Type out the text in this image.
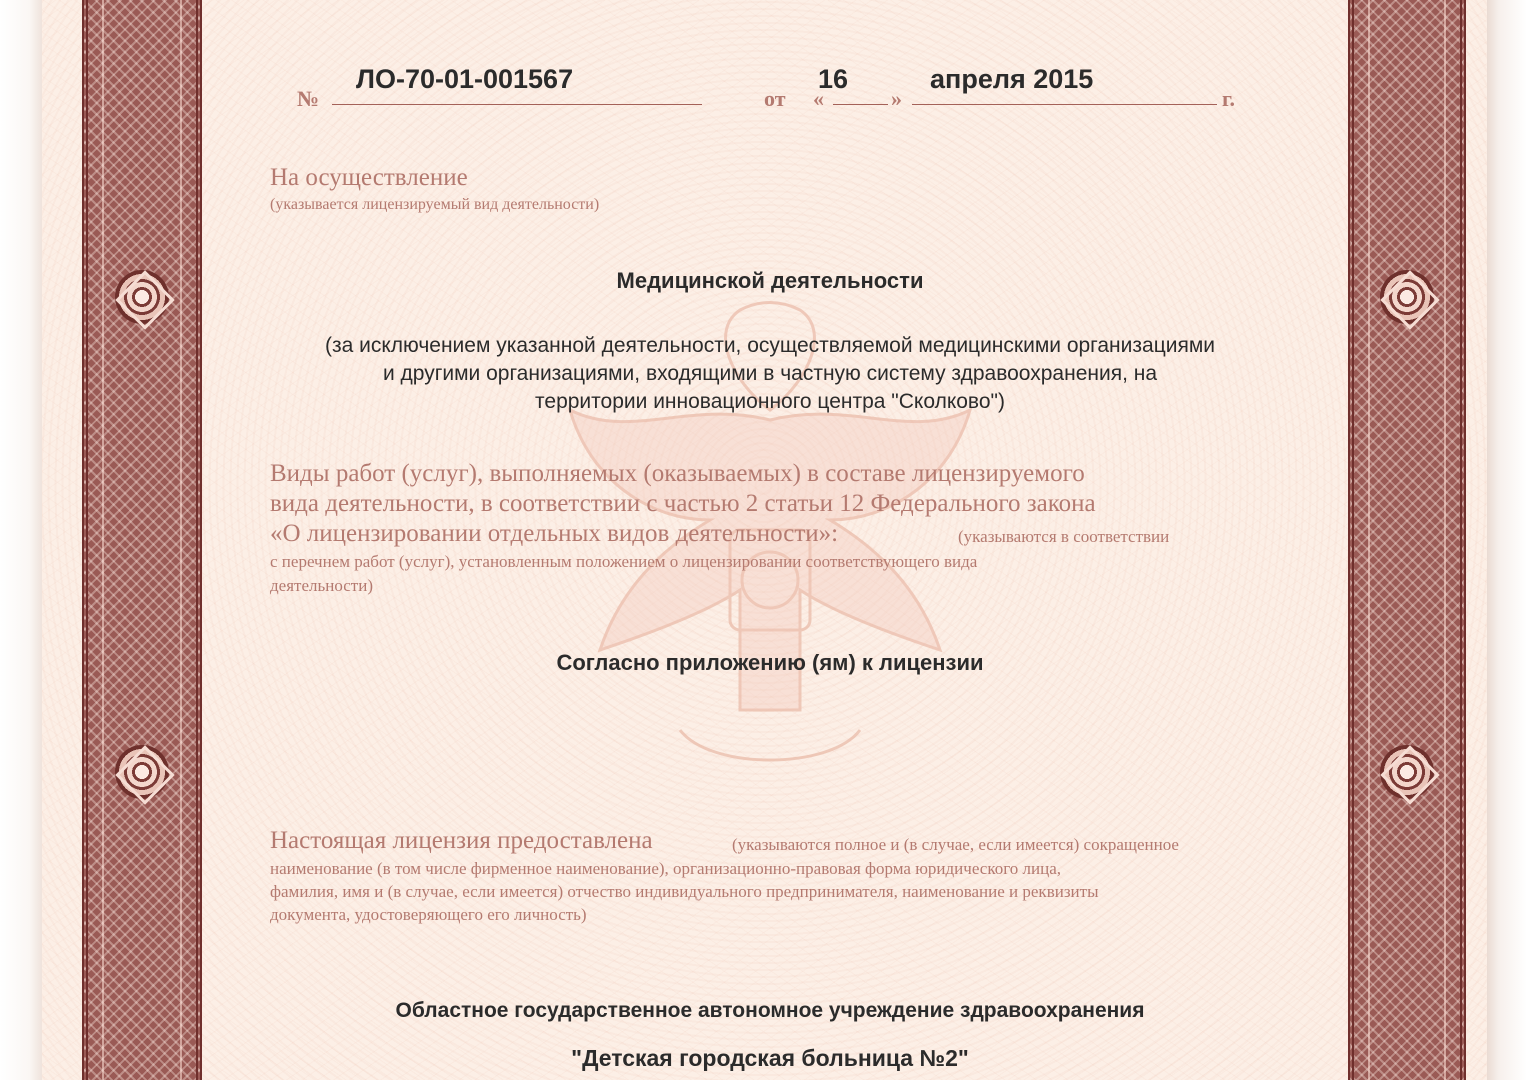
№
ЛО-70-01-001567
от «
16
»
апреля 2015
г.
На осуществление
(указывается лицензируемый вид деятельности)
Медицинской деятельности
(за исключением указанной деятельности, осуществляемой медицинскими организациями
и другими организациями, входящими в частную систему здравоохранения, на
территории инновационного центра "Сколково")
Виды работ (услуг), выполняемых (оказываемых) в составе лицензируемого
вида деятельности, в соответствии с частью 2 статьи 12 Федерального закона
«О лицензировании отдельных видов деятельности»:	(указываются в соответствии
с перечнем работ (услуг), установленным положением о лицензировании соответствующего вида
деятельности)
Согласно приложению (ям) к лицензии
Настоящая лицензия предоставлена	(указываются полное и (в случае, если имеется) сокращенное
наименование (в том числе фирменное наименование), организационно-правовая форма юридического лица,
фамилия, имя и (в случае, если имеется) отчество индивидуального предпринимателя, наименование и реквизиты
документа, удостоверяющего его личность)
Областное государственное автономное учреждение здравоохранения
"Детская городская больница №2"
